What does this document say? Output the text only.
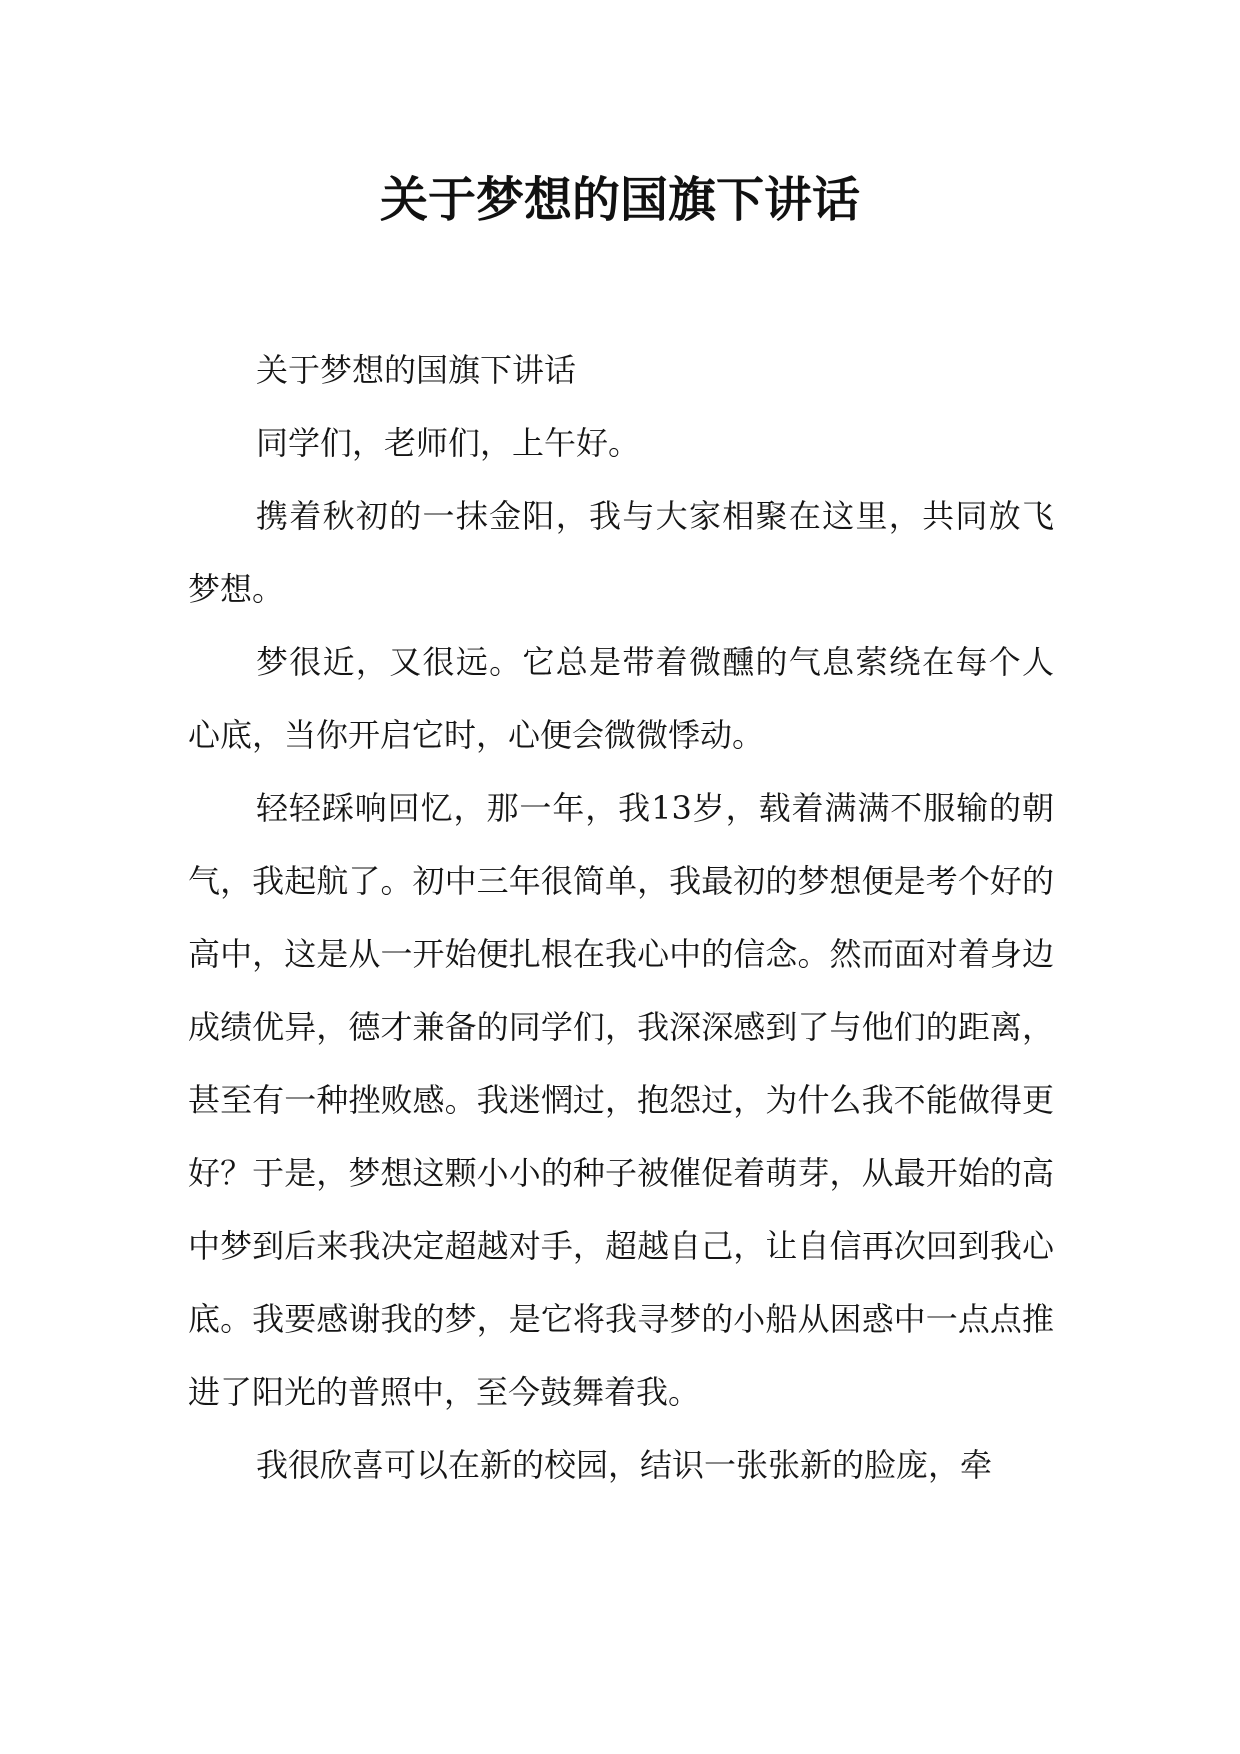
关于梦想的国旗下讲话

关于梦想的国旗下讲话

同学们，老师们，上午好。

携着秋初的一抹金阳，我与大家相聚在这里，共同放飞梦想。

梦很近，又很远。它总是带着微醺的气息萦绕在每个人心底，当你开启它时，心便会微微悸动。

轻轻踩响回忆，那一年，我13岁，载着满满不服输的朝气，我起航了。初中三年很简单，我最初的梦想便是考个好的高中，这是从一开始便扎根在我心中的信念。然而面对着身边成绩优异，德才兼备的同学们，我深深感到了与他们的距离，甚至有一种挫败感。我迷惘过，抱怨过，为什么我不能做得更好？于是，梦想这颗小小的种子被催促着萌芽，从最开始的高中梦到后来我决定超越对手，超越自己，让自信再次回到我心底。我要感谢我的梦，是它将我寻梦的小船从困惑中一点点推进了阳光的普照中，至今鼓舞着我。

我很欣喜可以在新的校园，结识一张张新的脸庞，牵
